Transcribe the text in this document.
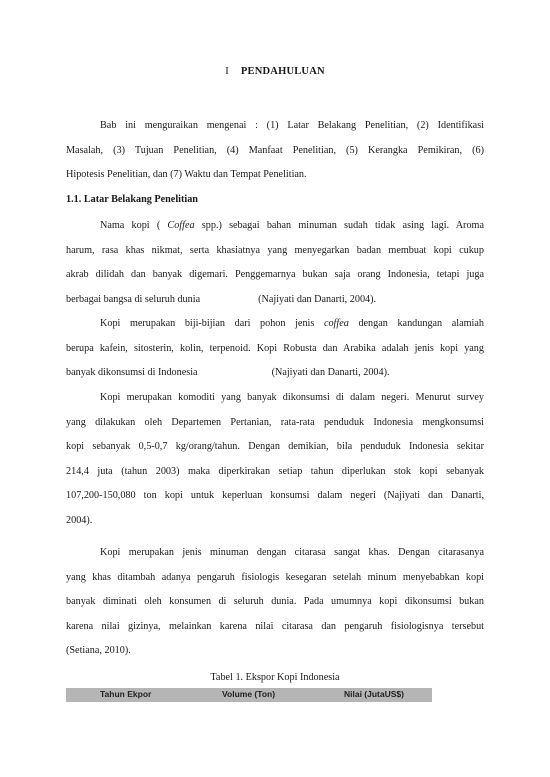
I PENDAHULUAN
Bab ini menguraikan mengenai : (1) Latar Belakang Penelitian, (2) Identifikasi
Masalah, (3) Tujuan Penelitian, (4) Manfaat Penelitian, (5) Kerangka Pemikiran, (6)
Hipotesis Penelitian, dan (7) Waktu dan Tempat Penelitian.
1.1. Latar Belakang Penelitian
Nama kopi ( Coffea spp.) sebagai bahan minuman sudah tidak asing lagi. Aroma
harum, rasa khas nikmat, serta khasiatnya yang menyegarkan badan membuat kopi cukup
akrab dilidah dan banyak digemari. Penggemarnya bukan saja orang Indonesia, tetapi juga
berbagai bangsa di seluruh dunia	(Najiyati dan Danarti, 2004).
Kopi merupakan biji-bijian dari pohon jenis coffea dengan kandungan alamiah
berupa kafein, sitosterin, kolin, terpenoid. Kopi Robusta dan Arabika adalah jenis kopi yang
banyak dikonsumsi di Indonesia	(Najiyati dan Danarti, 2004).
Kopi merupakan komoditi yang banyak dikonsumsi di dalam negeri. Menurut survey
yang dilakukan oleh Departemen Pertanian, rata-rata penduduk Indonesia mengkonsumsi
kopi sebanyak 0,5-0,7 kg/orang/tahun. Dengan demikian, bila penduduk Indonesia sekitar
214,4 juta (tahun 2003) maka diperkirakan setiap tahun diperlukan stok kopi sebanyak
107,200-150,080 ton kopi untuk keperluan konsumsi dalam negeri (Najiyati dan Danarti,
2004).
Kopi merupakan jenis minuman dengan citarasa sangat khas. Dengan citarasanya
yang khas ditambah adanya pengaruh fisiologis kesegaran setelah minum menyebabkan kopi
banyak diminati oleh konsumen di seluruh dunia. Pada umumnya kopi dikonsumsi bukan
karena nilai gizinya, melainkan karena nilai citarasa dan pengaruh fisiologisnya tersebut
(Setiana, 2010).
Tabel 1. Ekspor Kopi Indonesia
Tahun Ekpor	Volume (Ton)	Nilai (JutaUS$)
